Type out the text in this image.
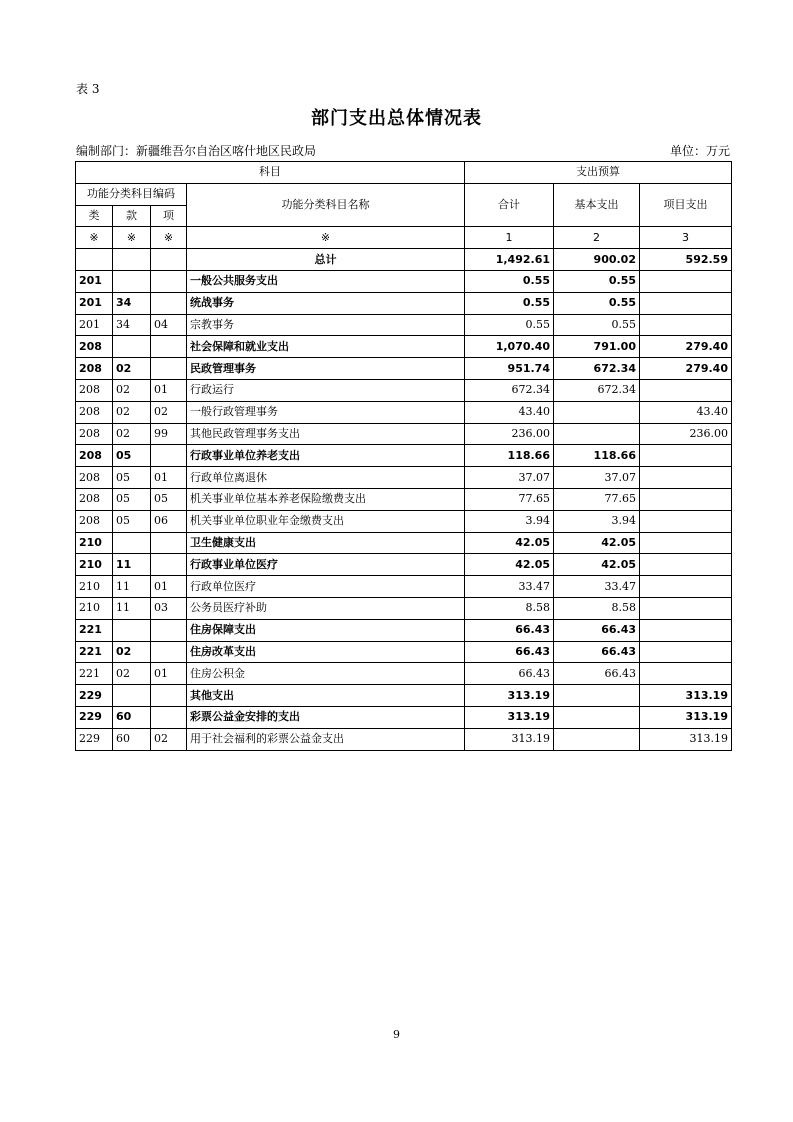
表 3
部门支出总体情况表
编制部门：新疆维吾尔自治区喀什地区民政局	单位：万元
科目				支出预算		
功能分类科目编码			功能分类科目名称	合计	基本支出	项目支出
类	款	项				
※	※	※	※	1	2	3
			总计	1,492.61	900.02	592.59
201			一般公共服务支出	0.55	0.55	
201	34		统战事务	0.55	0.55	
201	34	04	宗教事务	0.55	0.55	
208			社会保障和就业支出	1,070.40	791.00	279.40
208	02		民政管理事务	951.74	672.34	279.40
208	02	01	行政运行	672.34	672.34	
208	02	02	一般行政管理事务	43.40		43.40
208	02	99	其他民政管理事务支出	236.00		236.00
208	05		行政事业单位养老支出	118.66	118.66	
208	05	01	行政单位离退休	37.07	37.07	
208	05	05	机关事业单位基本养老保险缴费支出	77.65	77.65	
208	05	06	机关事业单位职业年金缴费支出	3.94	3.94	
210			卫生健康支出	42.05	42.05	
210	11		行政事业单位医疗	42.05	42.05	
210	11	01	行政单位医疗	33.47	33.47	
210	11	03	公务员医疗补助	8.58	8.58	
221			住房保障支出	66.43	66.43	
221	02		住房改革支出	66.43	66.43	
221	02	01	住房公积金	66.43	66.43	
229			其他支出	313.19		313.19
229	60		彩票公益金安排的支出	313.19		313.19
229	60	02	用于社会福利的彩票公益金支出	313.19		313.19
9
